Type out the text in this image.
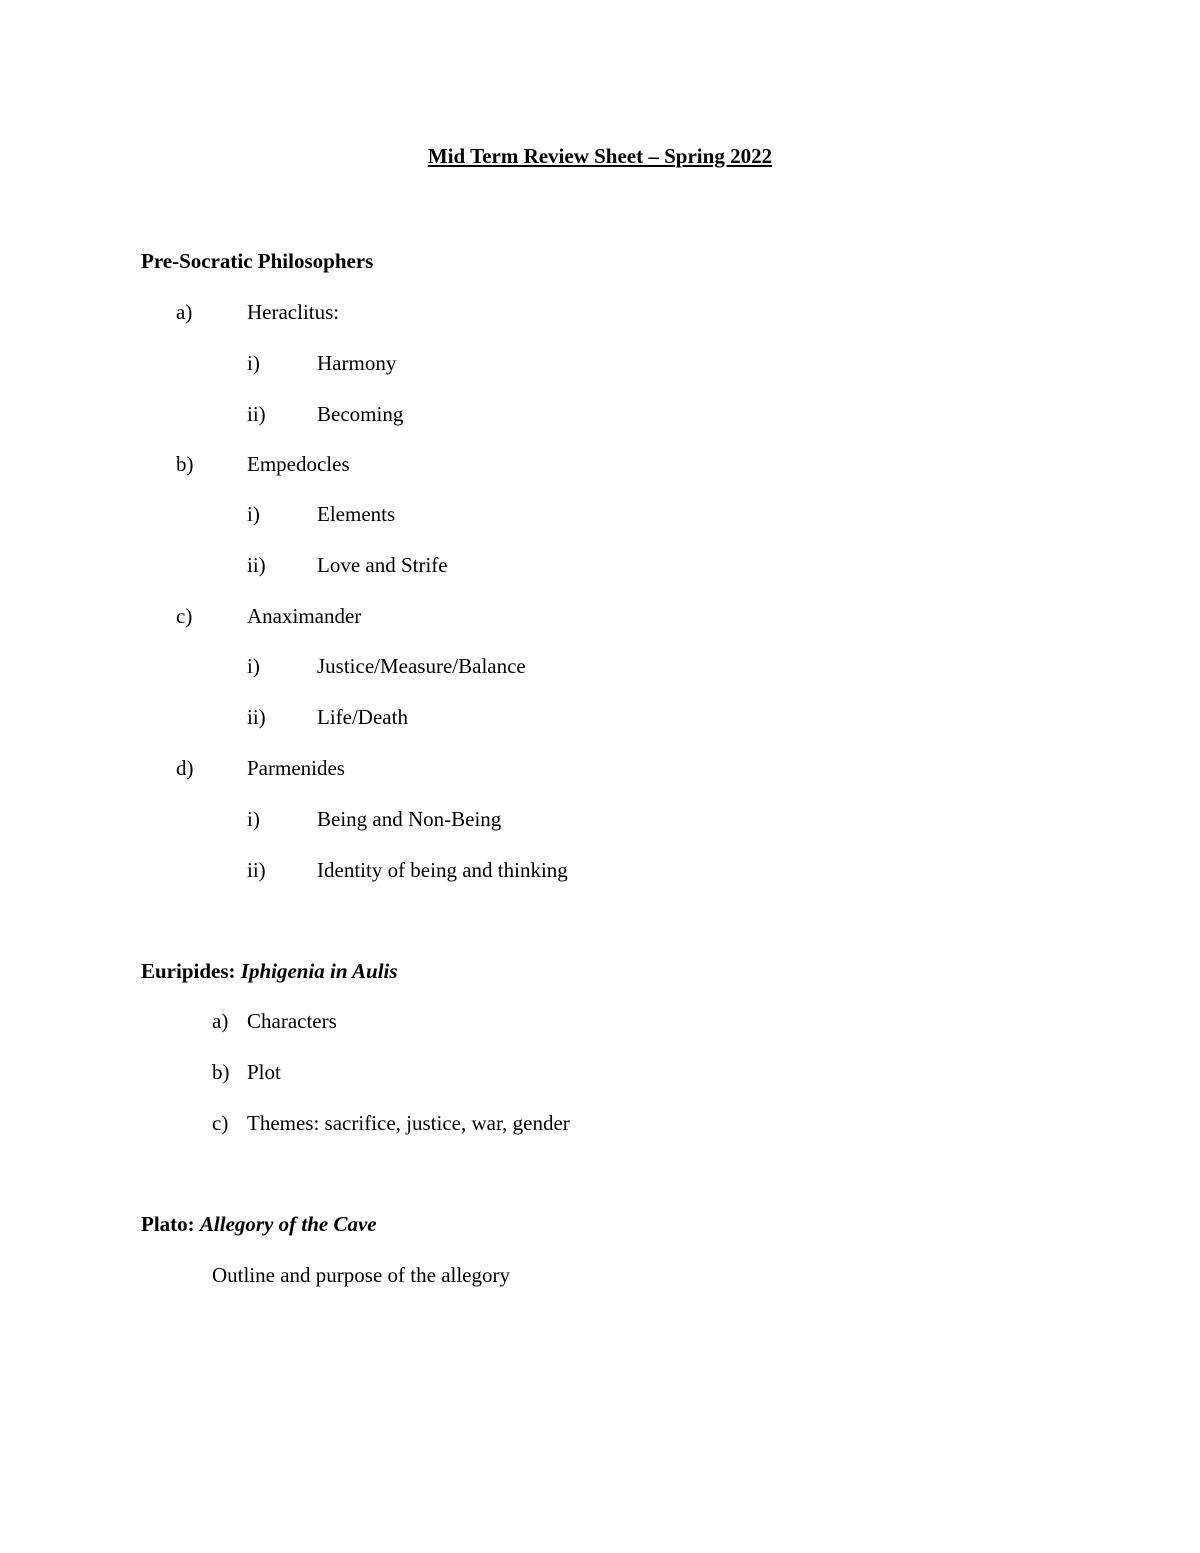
Mid Term Review Sheet – Spring 2022
Pre-Socratic Philosophers
a)	Heraclitus:
i)	Harmony
ii) Becoming
b)	Empedocles
i)	Elements
ii) Love and Strife
c)	Anaximander
i)	Justice/Measure/Balance
ii) Life/Death
d)	Parmenides
i)	Being and Non-Being
ii) Identity of being and thinking
Euripides: Iphigenia in Aulis
a) Characters
b) Plot
c) Themes: sacrifice, justice, war, gender
Plato: Allegory of the Cave
Outline and purpose of the allegory
